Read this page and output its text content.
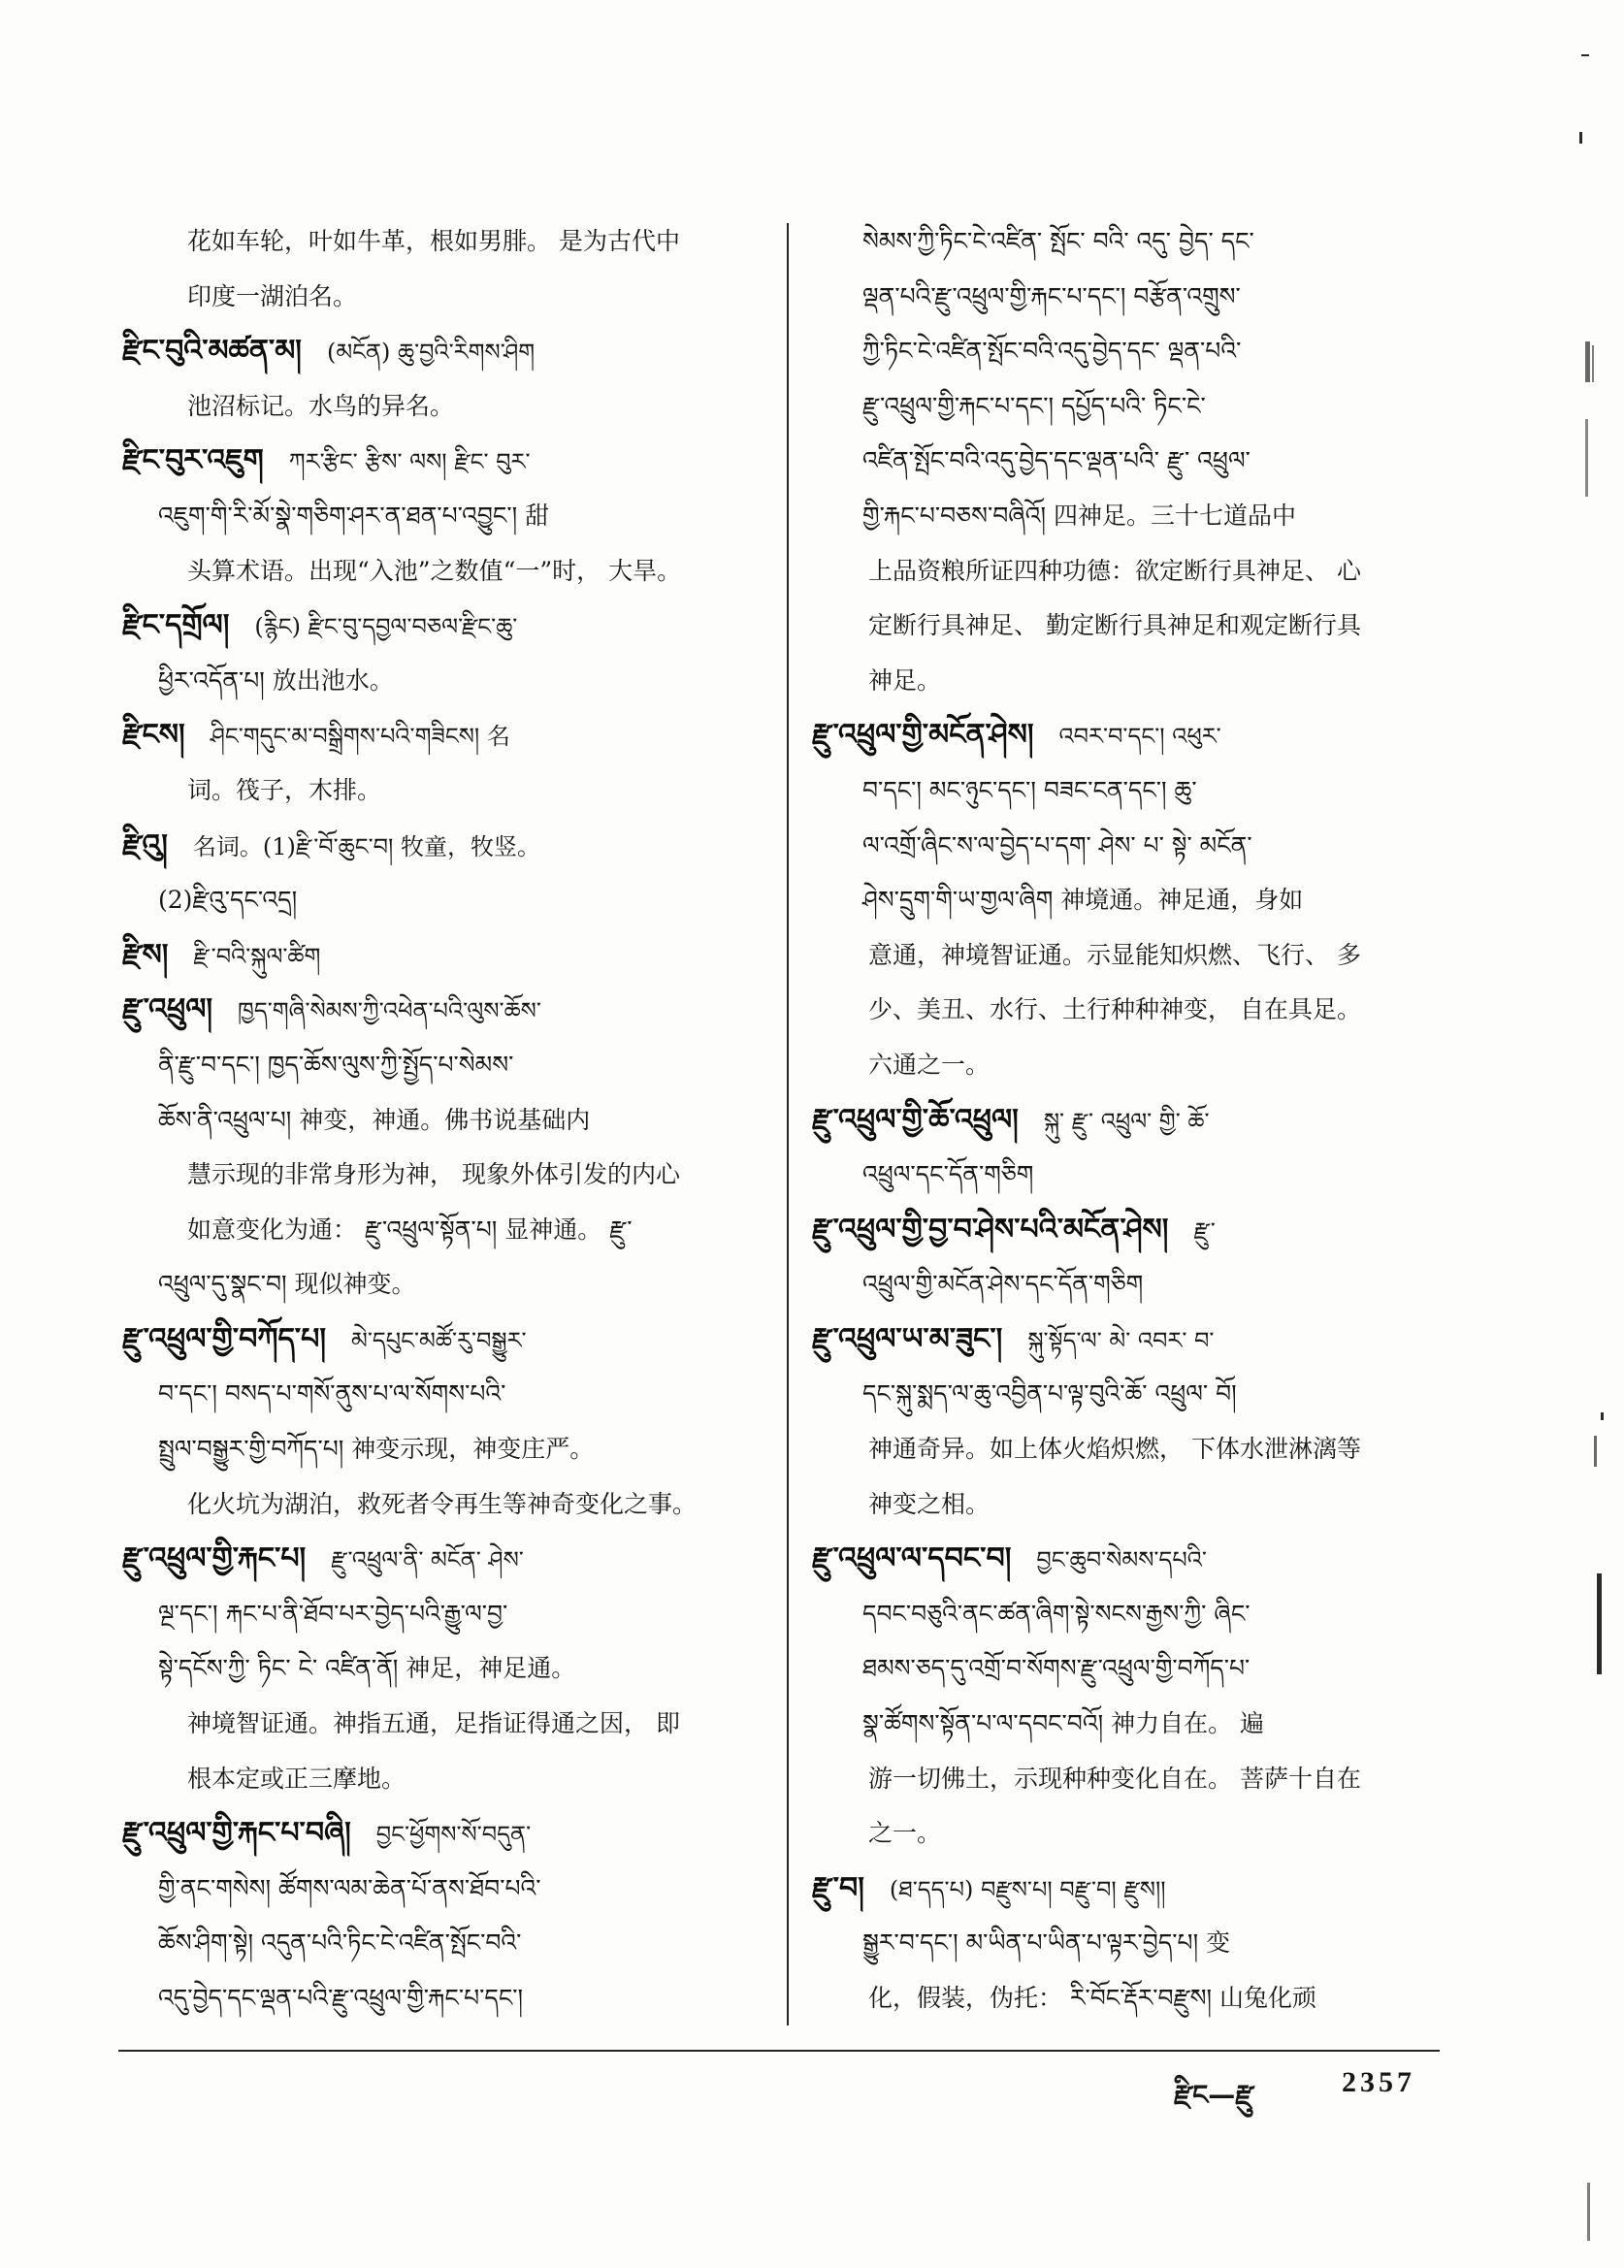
花如车轮，叶如牛革，根如男腓。 是为古代中
印度一湖泊名。
རྫིང་བུའི་མཚན་མ། (མངོན) ཆུ་བྱའི་རིགས་ཤིག
池沼标记。水鸟的异名。
རྫིང་བུར་འཇུག ཀར་རྩིང་ རྩིས་ ལས། རྫིང་ བུར་
འཇུག་གི་རི་མོ་སྣེ་གཅིག་ཤར་ན་ཐན་པ་འབྱུང་། 甜
头算术语。出现“入池”之数值“一”时， 大旱。
རྫིང་དགྲོལ། (རྙིང) རྫིང་བུ་དབྱལ་བཅལ་རྫིང་ཆུ་
ཕྱིར་འདོན་པ། 放出池水。
རྫིངས། ཤིང་གདུང་མ་བསྒྲིགས་པའི་གཟིངས། 名
词。筏子，木排。
རྫིའུ། 名词。(1)རྫི་བོ་ཆུང་བ། 牧童，牧竖。
(2)རྫིའུ་དང་འདྲ།
རྫིས། རྫི་བའི་སྐུལ་ཚིག
རྫུ་འཕྲུལ། ཁྱད་གཞི་སེམས་ཀྱི་འཕེན་པའི་ལུས་ཆོས་
ནི་རྫུ་བ་དང་། ཁྱད་ཆོས་ལུས་ཀྱི་སྤྱོད་པ་སེམས་
ཆོས་ནི་འཕྲུལ་པ། 神变，神通。佛书说基础内
慧示现的非常身形为神， 现象外体引发的内心
如意变化为通： རྫུ་འཕྲུལ་སྟོན་པ། 显神通。 རྫུ་
འཕྲུལ་དུ་སྣང་བ། 现似神变。
རྫུ་འཕྲུལ་གྱི་བཀོད་པ། མེ་དཔུང་མཚོ་རུ་བསྒྱུར་
བ་དང་། བསད་པ་གསོ་ནུས་པ་ལ་སོགས་པའི་
སྤྲུལ་བསྒྱུར་གྱི་བཀོད་པ། 神变示现，神变庄严。
化火坑为湖泊，救死者令再生等神奇变化之事。
རྫུ་འཕྲུལ་གྱི་རྐང་པ། རྫུ་འཕྲུལ་ནི་ མངོན་ ཤེས་
ལྔ་དང་། རྐང་པ་ནི་ཐོབ་པར་བྱེད་པའི་རྒྱུ་ལ་བྱ་
སྟེ་དངོས་ཀྱི་ ཏིང་ ངེ་ འཛིན་ནོ། 神足，神足通。
神境智证通。神指五通，足指证得通之因， 即
根本定或正三摩地。
རྫུ་འཕྲུལ་གྱི་རྐང་པ་བཞི། བྱང་ཕྱོགས་སོ་བདུན་
གྱི་ནང་གསེས། ཚོགས་ལམ་ཆེན་པོ་ནས་ཐོབ་པའི་
ཆོས་ཤིག་སྟེ། འདུན་པའི་ཏིང་ངེ་འཛིན་སྤོང་བའི་
འདུ་བྱེད་དང་ལྡན་པའི་རྫུ་འཕྲུལ་གྱི་རྐང་པ་དང་།
སེམས་ཀྱི་ཏིང་ངེ་འཛིན་ སྤོང་ བའི་ འདུ་ བྱེད་ དང་
ལྡན་པའི་རྫུ་འཕྲུལ་གྱི་རྐང་པ་དང་། བརྩོན་འགྲུས་
ཀྱི་ཏིང་ངེ་འཛིན་སྤོང་བའི་འདུ་བྱེད་དང་ ལྡན་པའི་
རྫུ་འཕྲུལ་གྱི་རྐང་པ་དང་། དཔྱོད་པའི་ ཏིང་ངེ་
འཛིན་སྤོང་བའི་འདུ་བྱེད་དང་ལྡན་པའི་ རྫུ་ འཕྲུལ་
གྱི་རྐང་པ་བཅས་བཞིའོ། 四神足。三十七道品中
上品资粮所证四种功德：欲定断行具神足、 心
定断行具神足、 勤定断行具神足和观定断行具
神足。
རྫུ་འཕྲུལ་གྱི་མངོན་ཤེས། འབར་བ་དང་། འཕུར་
བ་དང་། མང་ཉུང་དང་། བཟང་ངན་དང་། ཆུ་
ལ་འགྲོ་ཞིང་ས་ལ་བྱེད་པ་དག་ ཤེས་ པ་ སྟེ་ མངོན་
ཤེས་དྲུག་གི་ཡ་གྱལ་ཞིག 神境通。神足通，身如
意通，神境智证通。示显能知炽燃、飞行、 多
少、美丑、水行、土行种种神变， 自在具足。
六通之一。
རྫུ་འཕྲུལ་གྱི་ཆོ་འཕྲུལ། སྐུ་ རྫུ་ འཕྲུལ་ གྱི་ ཆོ་
འཕྲུལ་དང་དོན་གཅིག
རྫུ་འཕྲུལ་གྱི་བྱ་བ་ཤེས་པའི་མངོན་ཤེས། རྫུ་
འཕྲུལ་གྱི་མངོན་ཤེས་དང་དོན་གཅིག
རྫུ་འཕྲུལ་ཡ་མ་ཟུང་། སྐུ་སྟོད་ལ་ མེ་ འབར་ བ་
དང་སྐུ་སྨད་ལ་ཆུ་འབྱིན་པ་ལྟ་བུའི་ཆོ་ འཕྲུལ་ བོ།
神通奇异。如上体火焰炽燃， 下体水泄淋漓等
神变之相。
རྫུ་འཕྲུལ་ལ་དབང་བ། བྱང་ཆུབ་སེམས་དཔའི་
དབང་བཅུའི་ནང་ཚན་ཞིག་སྟེ་སངས་རྒྱས་ཀྱི་ ཞིང་
ཐམས་ཅད་དུ་འགྲོ་བ་སོགས་རྫུ་འཕྲུལ་གྱི་བཀོད་པ་
སྣ་ཚོགས་སྟོན་པ་ལ་དབང་བའོ། 神力自在。 遍
游一切佛土，示现种种变化自在。 菩萨十自在
之一。
རྫུ་བ། (ཐ་དད་པ) བརྫུས་པ། བརྫུ་བ། རྫུས།།
སྒྱུར་བ་དང་། མ་ཡིན་པ་ཡིན་པ་ལྟར་བྱེད་པ། 变
化，假装，伪托： རི་བོང་རྡོར་བརྫུས། 山兔化顽
རྫིང—རྫུ	2357
